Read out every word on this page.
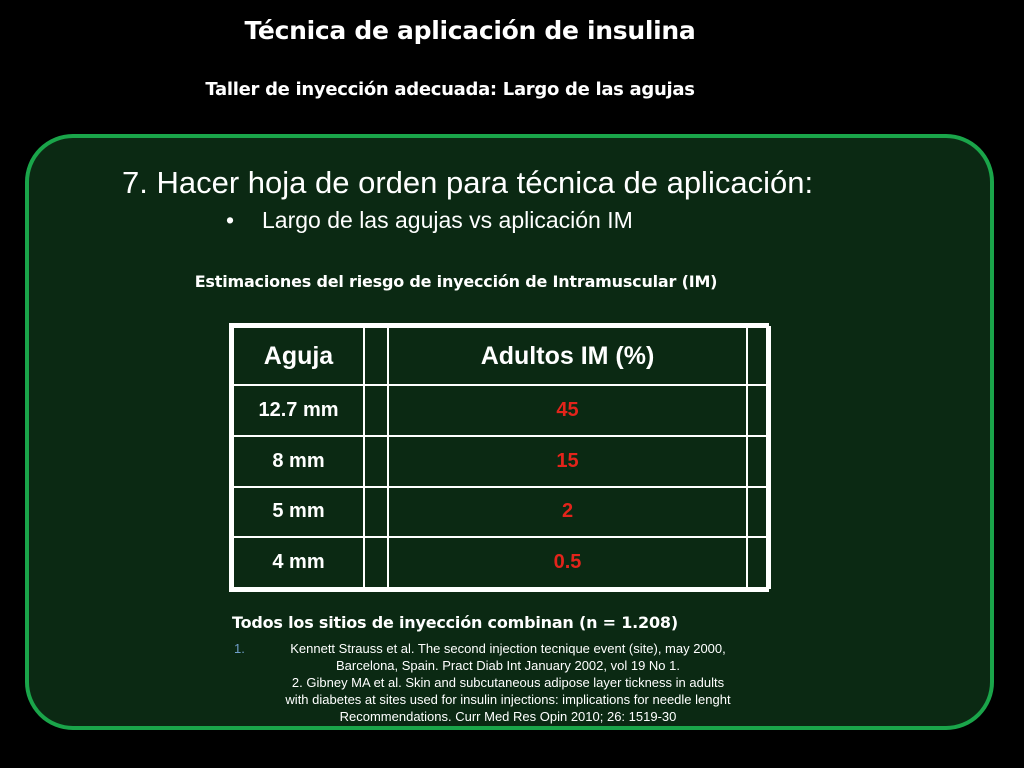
Técnica de aplicación de insulina
Taller de inyección adecuada: Largo de las agujas
7. Hacer hoja de orden para técnica de aplicación:
• Largo de las agujas vs aplicación IM
Estimaciones del riesgo de inyección de Intramuscular (IM)
Aguja		Adultos IM (%)	
12.7 mm		45	
8 mm		15	
5 mm		2	
4 mm		0.5	
Todos los sitios de inyección combinan (n = 1.208)
1.	Kennett Strauss et al. The second injection tecnique event (site), may 2000,
Barcelona, Spain. Pract Diab Int January 2002, vol 19 No 1.
2. Gibney MA et al. Skin and subcutaneous adipose layer tickness in adults
with diabetes at sites used for insulin injections: implications for needle lenght
Recommendations. Curr Med Res Opin 2010; 26: 1519-30
